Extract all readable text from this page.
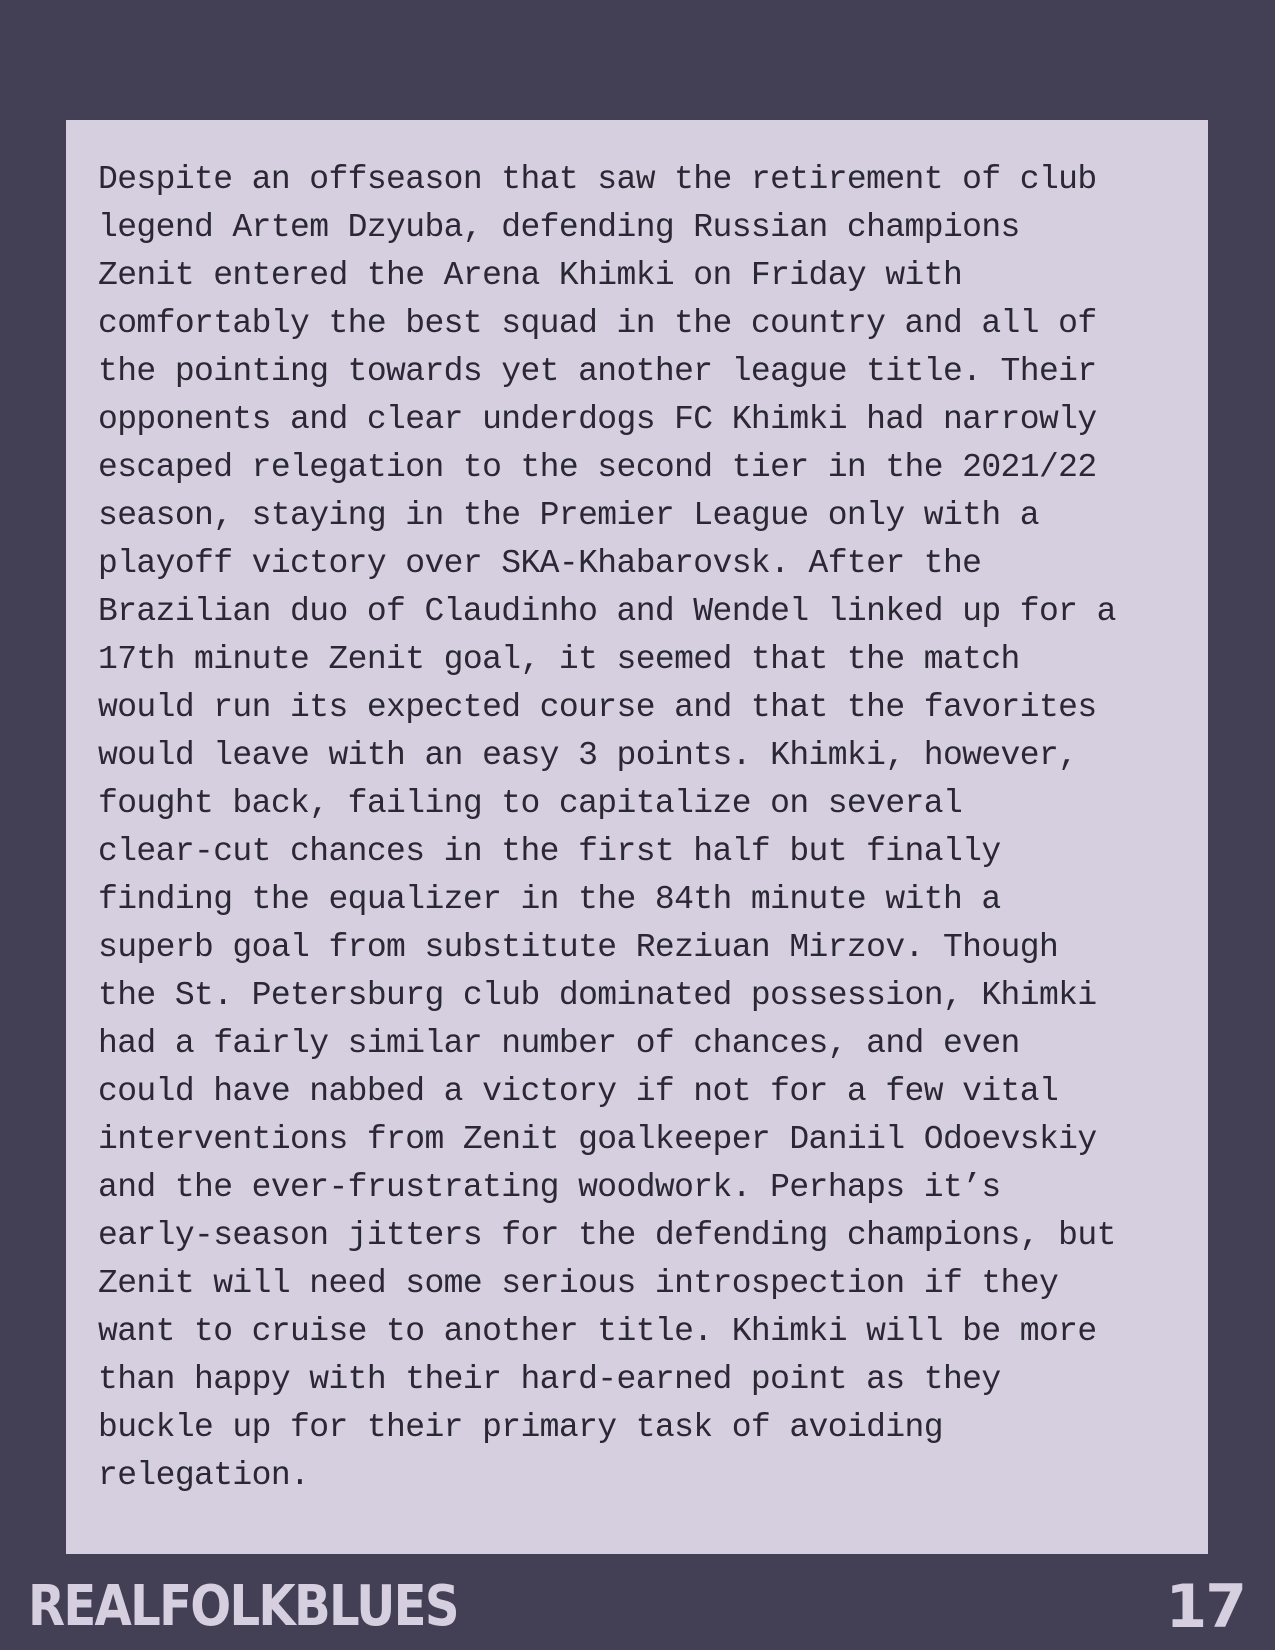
Despite an offseason that saw the retirement of club
legend Artem Dzyuba, defending Russian champions
Zenit entered the Arena Khimki on Friday with
comfortably the best squad in the country and all of
the pointing towards yet another league title. Their
opponents and clear underdogs FC Khimki had narrowly
escaped relegation to the second tier in the 2021/22
season, staying in the Premier League only with a
playoff victory over SKA-Khabarovsk. After the
Brazilian duo of Claudinho and Wendel linked up for a
17th minute Zenit goal, it seemed that the match
would run its expected course and that the favorites
would leave with an easy 3 points. Khimki, however,
fought back, failing to capitalize on several
clear-cut chances in the first half but finally
finding the equalizer in the 84th minute with a
superb goal from substitute Reziuan Mirzov. Though
the St. Petersburg club dominated possession, Khimki
had a fairly similar number of chances, and even
could have nabbed a victory if not for a few vital
interventions from Zenit goalkeeper Daniil Odoevskiy
and the ever-frustrating woodwork. Perhaps it’s
early-season jitters for the defending champions, but
Zenit will need some serious introspection if they
want to cruise to another title. Khimki will be more
than happy with their hard-earned point as they
buckle up for their primary task of avoiding
relegation.

REALFOLKBLUES	17
